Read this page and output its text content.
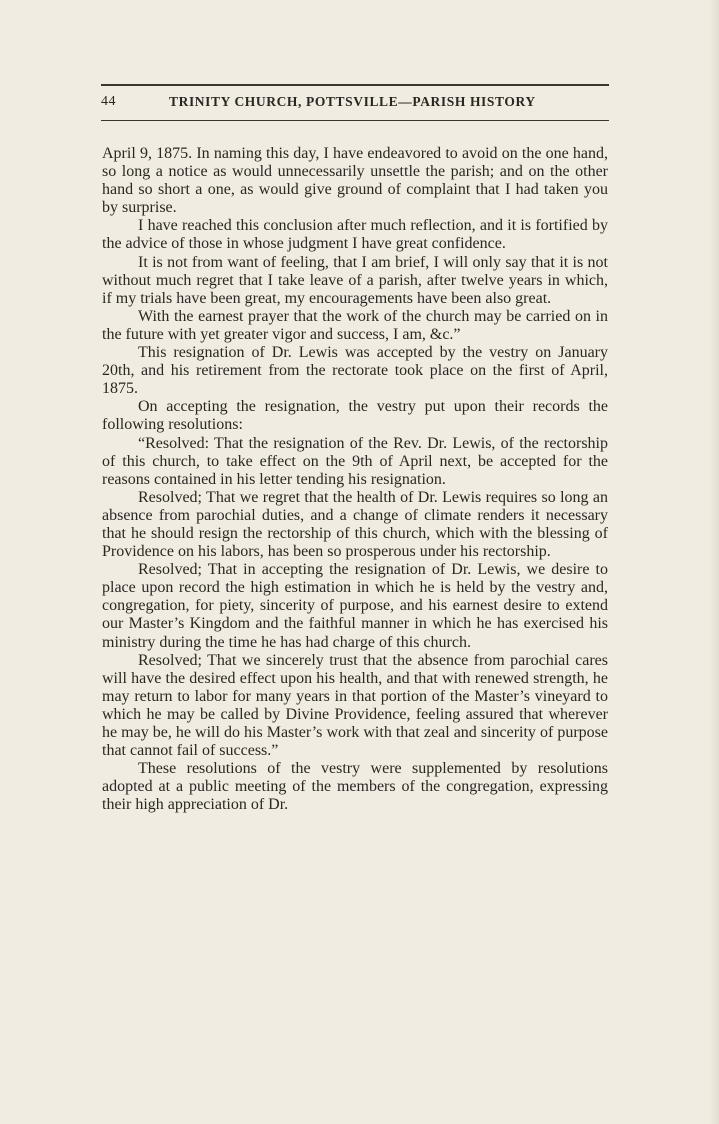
44	TRINITY CHURCH, POTTSVILLE—PARISH HISTORY

April 9, 1875. In naming this day, I have endeavored to avoid on the one hand, so long a notice as would unnecessarily unsettle the parish; and on the other hand so short a one, as would give ground of complaint that I had taken you by surprise.

I have reached this conclusion after much reflection, and it is fortified by the advice of those in whose judgment I have great confidence.

It is not from want of feeling, that I am brief, I will only say that it is not without much regret that I take leave of a parish, after twelve years in which, if my trials have been great, my encouragements have been also great.

With the earnest prayer that the work of the church may be carried on in the future with yet greater vigor and success, I am, &c.”

This resignation of Dr. Lewis was accepted by the vestry on January 20th, and his retirement from the rectorate took place on the first of April, 1875.

On accepting the resignation, the vestry put upon their records the following resolutions:

“Resolved: That the resignation of the Rev. Dr. Lewis, of the rectorship of this church, to take effect on the 9th of April next, be accepted for the reasons contained in his letter tending his resignation.

Resolved; That we regret that the health of Dr. Lewis requires so long an absence from parochial duties, and a change of climate renders it necessary that he should resign the rectorship of this church, which with the blessing of Providence on his labors, has been so prosperous under his rectorship.

Resolved; That in accepting the resignation of Dr. Lewis, we desire to place upon record the high estimation in which he is held by the vestry and, congregation, for piety, sincerity of purpose, and his earnest desire to extend our Master’s Kingdom and the faithful manner in which he has exercised his ministry during the time he has had charge of this church.

Resolved; That we sincerely trust that the absence from parochial cares will have the desired effect upon his health, and that with renewed strength, he may return to labor for many years in that portion of the Master’s vineyard to which he may be called by Divine Providence, feeling assured that wherever he may be, he will do his Master’s work with that zeal and sincerity of purpose that cannot fail of success.”

These resolutions of the vestry were supplemented by resolutions adopted at a public meeting of the members of the congregation, expressing their high appreciation of Dr.
